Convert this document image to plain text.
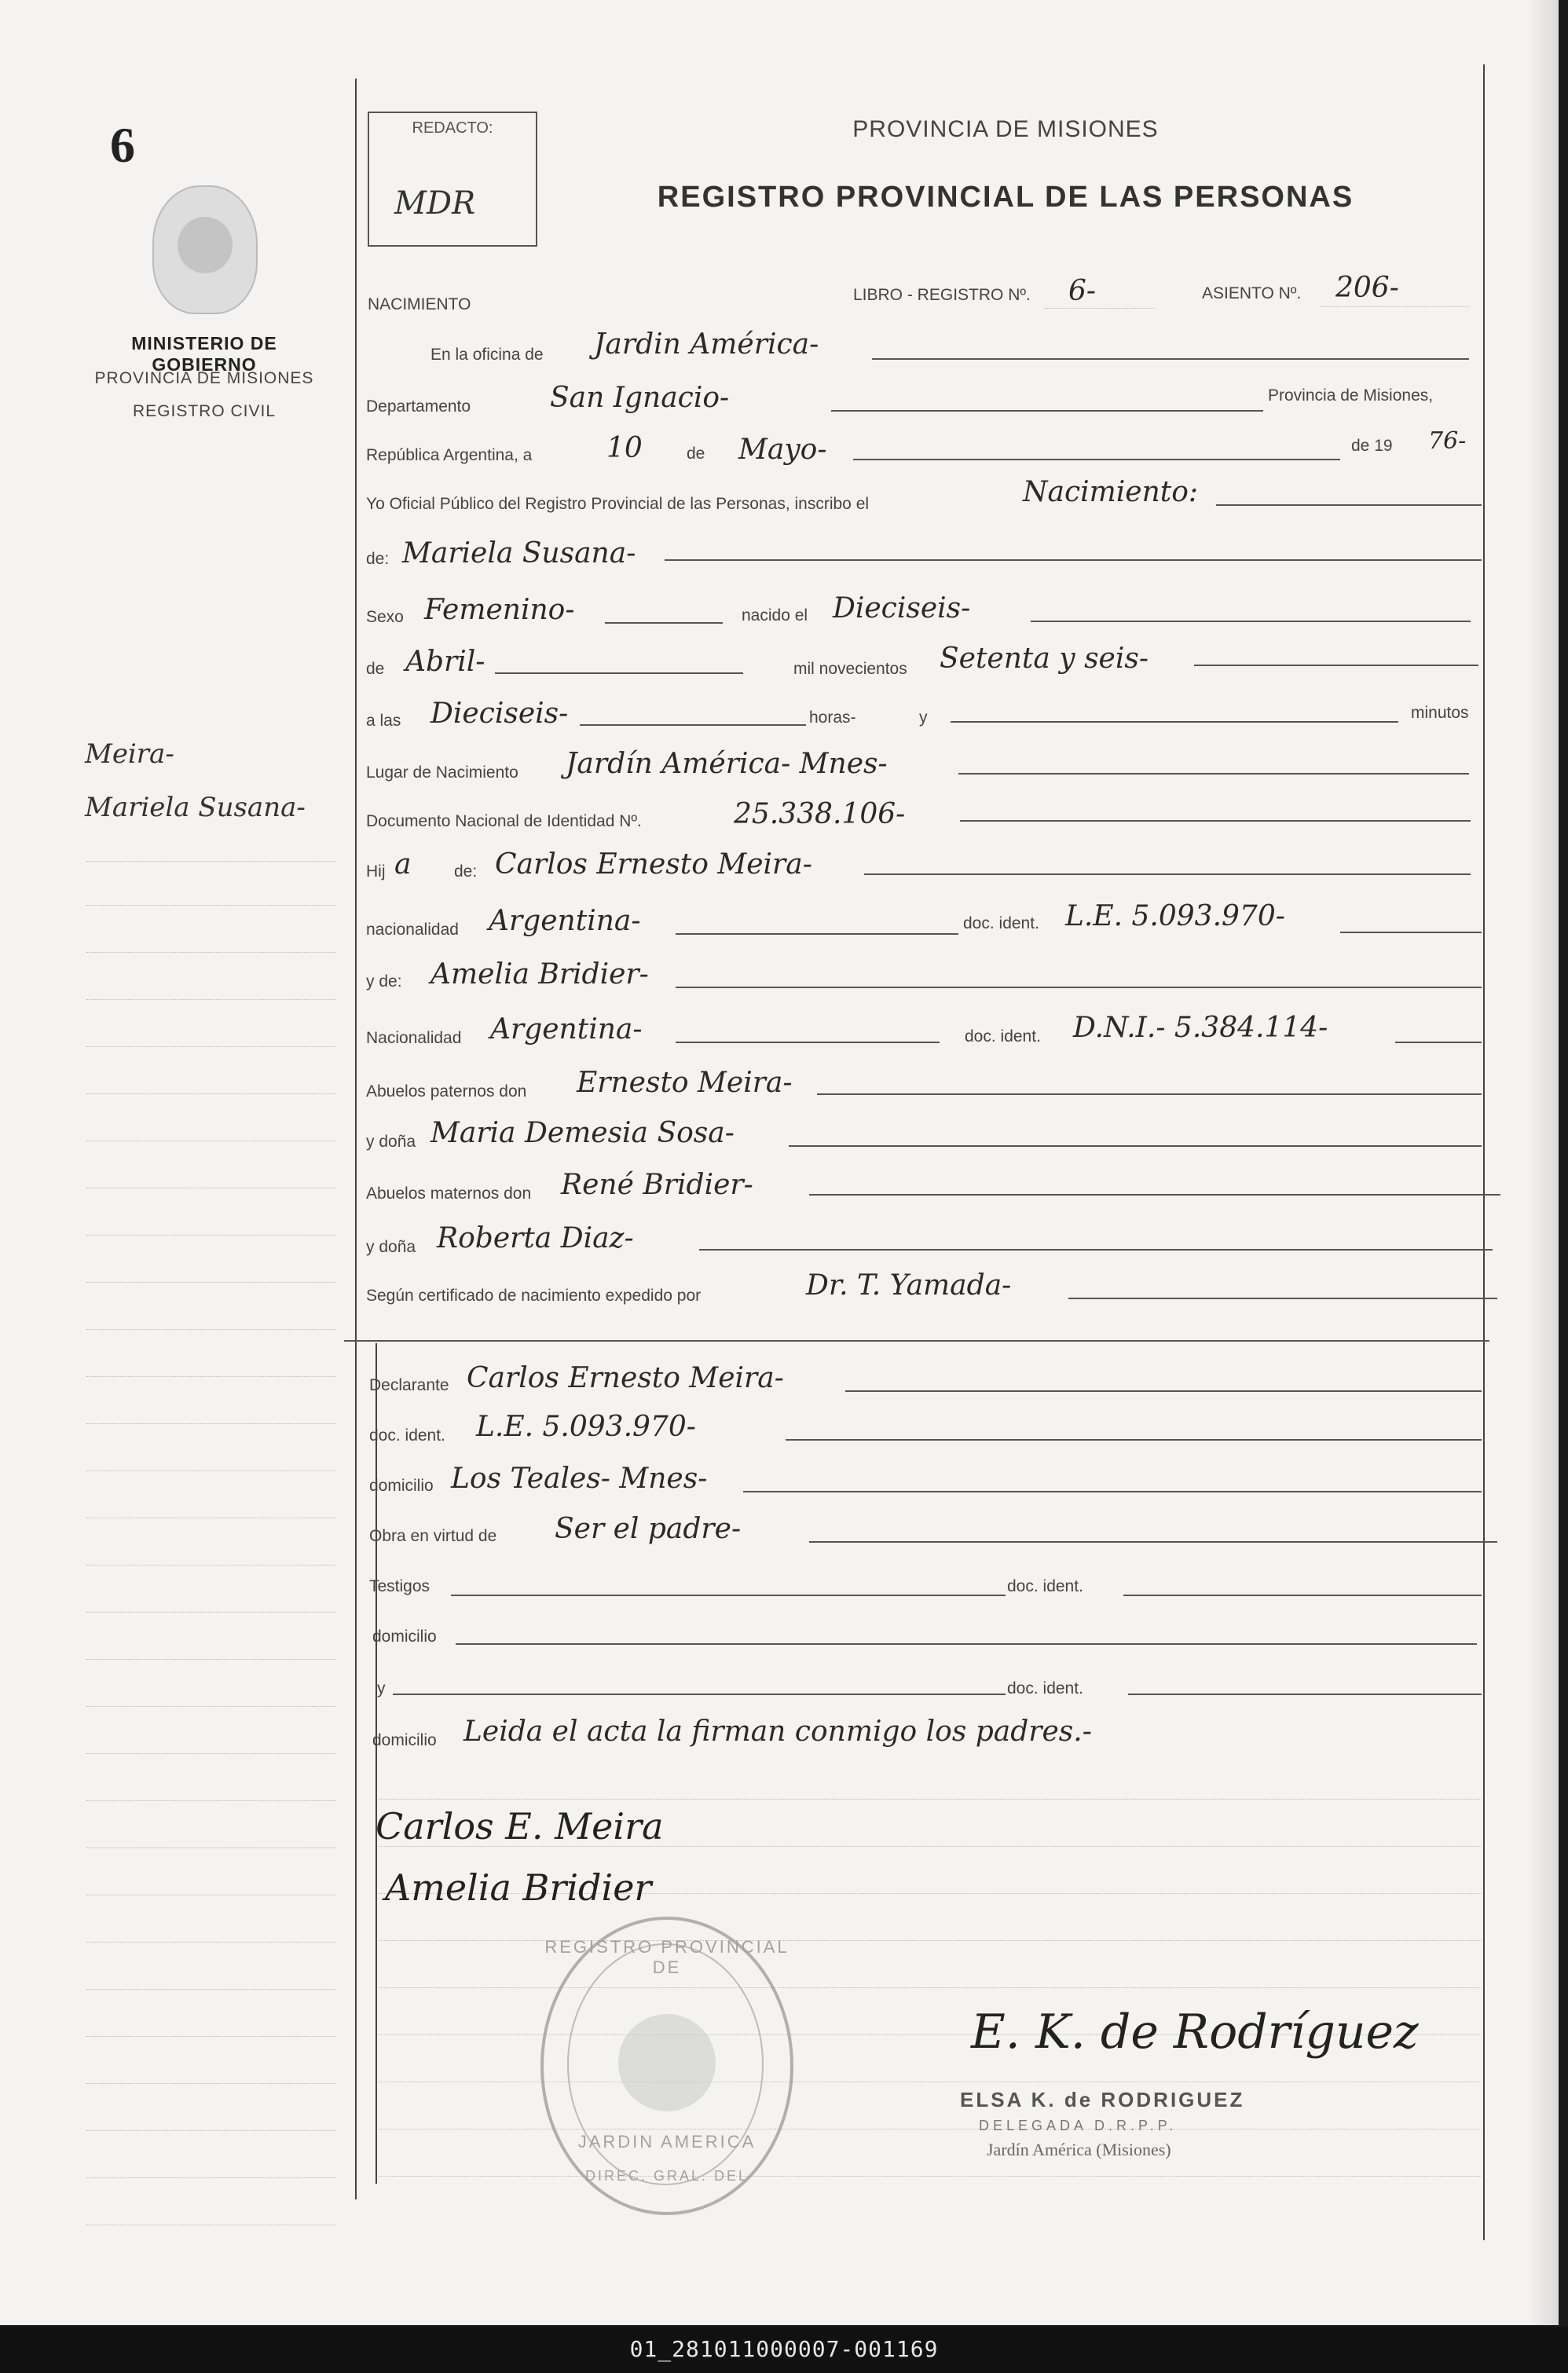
6
MINISTERIO DE GOBIERNO
PROVINCIA DE MISIONES
REGISTRO CIVIL
Meira-
Mariela Susana-
REDACTO:
MDR
PROVINCIA DE MISIONES
REGISTRO PROVINCIAL DE LAS PERSONAS
NACIMIENTO
LIBRO - REGISTRO Nº. 6-	ASIENTO Nº. 206-
En la oficina de Jardin América-
Departamento	San Ignacio-	Provincia de Misiones,
República Argentina, a	10	de Mayo-	de 19 76-
Yo Oficial Público del Registro Provincial de las Personas, inscribo el	Nacimiento:
de: Mariela Susana-
Sexo Femenino-	nacido el Dieciseis-
de Abril-	mil novecientos Setenta y seis-
a las Dieciseis-	horas-	y	minutos
Lugar de Nacimiento Jardín América- Mnes-
Documento Nacional de Identidad Nº.	25.338.106-
Hij a	de: Carlos Ernesto Meira-
nacionalidad Argentina-	doc. ident. L.E. 5.093.970-
y de: Amelia Bridier-
Nacionalidad Argentina-	doc. ident. D.N.I.- 5.384.114-
Abuelos paternos don Ernesto Meira-
y doña Maria Demesia Sosa-
Abuelos maternos don René Bridier-
y doña Roberta Diaz-
Según certificado de nacimiento expedido por	Dr. T. Yamada-
Declarante Carlos Ernesto Meira-
doc. ident. L.E. 5.093.970-
domicilio Los Teales- Mnes-
Obra en virtud de Ser el padre-
Testigos	doc. ident.
domicilio
y	doc. ident.
domicilio Leida el acta la firman conmigo los padres.-
Carlos E. Meira
Amelia Bridier
E. K. de Rodríguez
REGISTRO PROVINCIAL DE
JARDIN AMERICA
DIREC. GRAL. DEL
ELSA K. de RODRIGUEZ
DELEGADA D.R.P.P.
Jardín América (Misiones)
01_281011000007-001169
